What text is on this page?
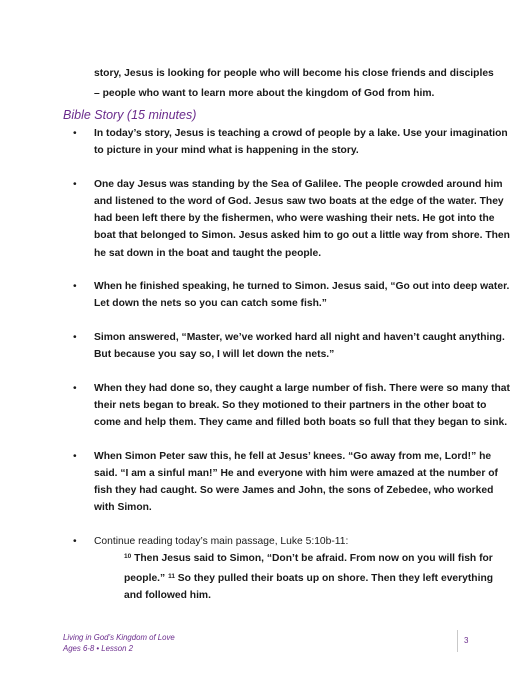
story, Jesus is looking for people who will become his close friends and disciples
– people who want to learn more about the kingdom of God from him.
Bible Story (15 minutes)
• In today’s story, Jesus is teaching a crowd of people by a lake. Use your imagination to picture in your mind what is happening in the story.
• One day Jesus was standing by the Sea of Galilee. The people crowded around him and listened to the word of God. Jesus saw two boats at the edge of the water. They had been left there by the fishermen, who were washing their nets. He got into the boat that belonged to Simon. Jesus asked him to go out a little way from shore. Then he sat down in the boat and taught the people.
• When he finished speaking, he turned to Simon. Jesus said, “Go out into deep water. Let down the nets so you can catch some fish.”
• Simon answered, “Master, we’ve worked hard all night and haven’t caught anything. But because you say so, I will let down the nets.”
• When they had done so, they caught a large number of fish. There were so many that their nets began to break. So they motioned to their partners in the other boat to come and help them. They came and filled both boats so full that they began to sink.
• When Simon Peter saw this, he fell at Jesus’ knees. “Go away from me, Lord!” he said. “I am a sinful man!” He and everyone with him were amazed at the number of fish they had caught. So were James and John, the sons of Zebedee, who worked with Simon.
• Continue reading today’s main passage, Luke 5:10b-11:
$^{10}$ Then Jesus said to Simon, “Don’t be afraid. From now on you will fish for people.” $^{11}$ So they pulled their boats up on shore. Then they left everything and followed him.
Living in God’s Kingdom of Love
Ages 6-8 • Lesson 2
3
